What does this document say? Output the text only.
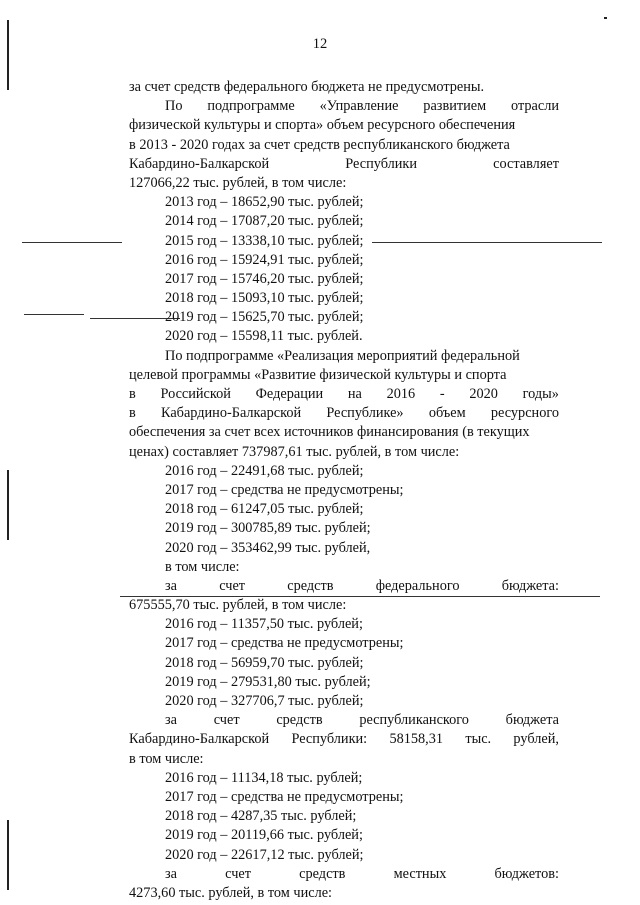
12
за счет средств федерального бюджета не предусмотрены.
По подпрограмме «Управление развитием отрасли
физической культуры и спорта» объем ресурсного обеспечения
в 2013 - 2020 годах за счет средств республиканского бюджета
Кабардино-Балкарской	Республики	составляет
127066,22 тыс. рублей, в том числе:
2013 год – 18652,90 тыс. рублей;
2014 год – 17087,20 тыс. рублей;
2015 год – 13338,10 тыс. рублей;
2016 год – 15924,91 тыс. рублей;
2017 год – 15746,20 тыс. рублей;
2018 год – 15093,10 тыс. рублей;
2019 год – 15625,70 тыс. рублей;
2020 год – 15598,11 тыс. рублей.
По подпрограмме «Реализация мероприятий федеральной
целевой программы «Развитие физической культуры и спорта
в Российской Федерации на 2016 - 2020 годы»
в Кабардино-Балкарской Республике» объем ресурсного
обеспечения за счет всех источников финансирования (в текущих
ценах) составляет 737987,61 тыс. рублей, в том числе:
2016 год – 22491,68 тыс. рублей;
2017 год – средства не предусмотрены;
2018 год – 61247,05 тыс. рублей;
2019 год – 300785,89 тыс. рублей;
2020 год – 353462,99 тыс. рублей,
в том числе:
за	счет	средств	федерального	бюджета:
675555,70 тыс. рублей, в том числе:
2016 год – 11357,50 тыс. рублей;
2017 год – средства не предусмотрены;
2018 год – 56959,70 тыс. рублей;
2019 год – 279531,80 тыс. рублей;
2020 год – 327706,7 тыс. рублей;
за	счет	средств	республиканского	бюджета
Кабардино-Балкарской Республики: 58158,31 тыс. рублей,
в том числе:
2016 год – 11134,18 тыс. рублей;
2017 год – средства не предусмотрены;
2018 год – 4287,35 тыс. рублей;
2019 год – 20119,66 тыс. рублей;
2020 год – 22617,12 тыс. рублей;
за	счет	средств	местных	бюджетов:
4273,60 тыс. рублей, в том числе:
